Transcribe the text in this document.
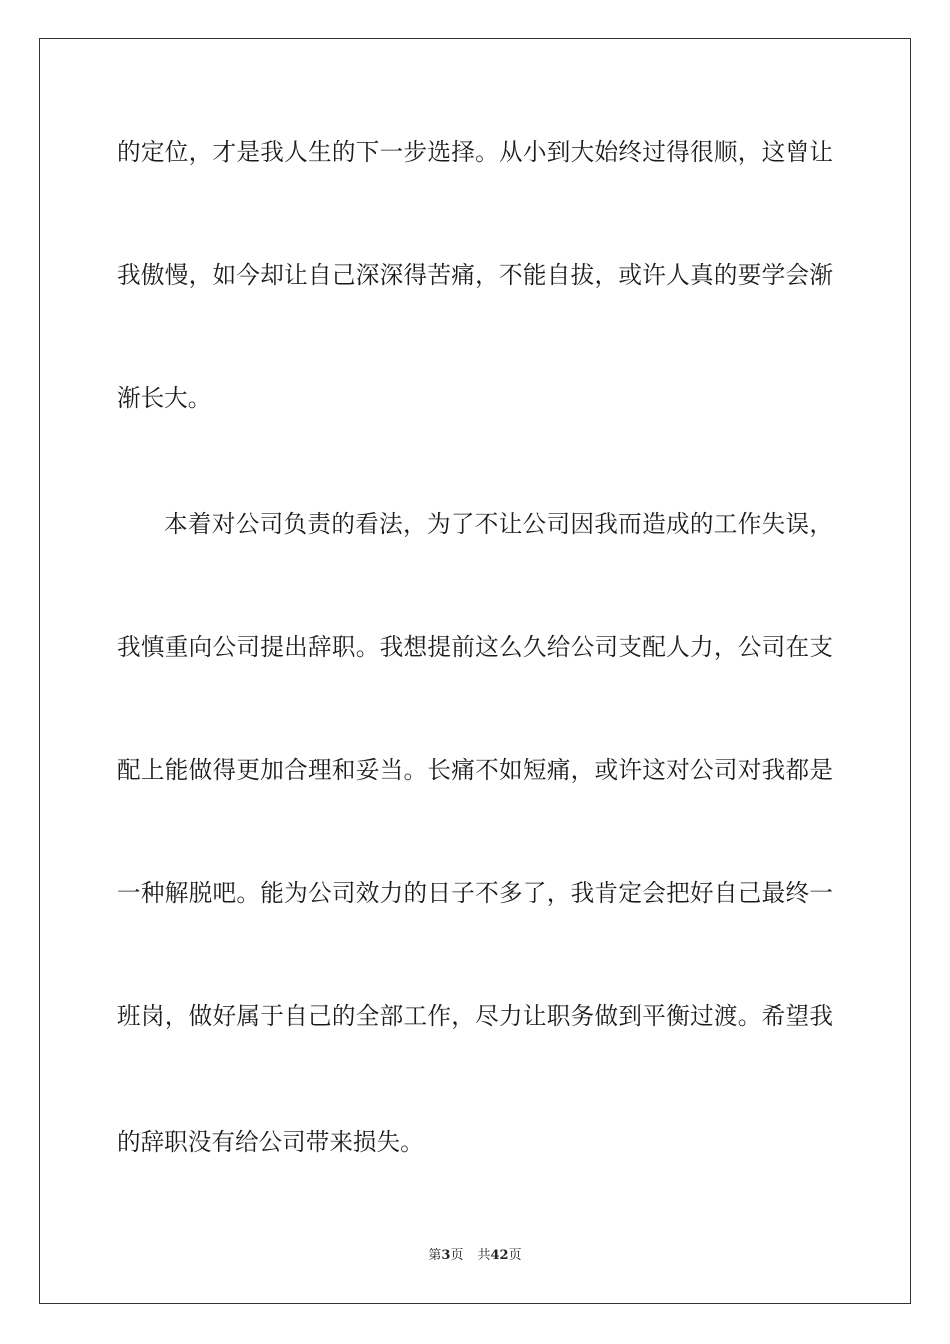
的定位，才是我人生的下一步选择。从小到大始终过得很顺，这曾让
我傲慢，如今却让自己深深得苦痛，不能自拔，或许人真的要学会渐
渐长大。
本着对公司负责的看法，为了不让公司因我而造成的工作失误，
我慎重向公司提出辞职。我想提前这么久给公司支配人力，公司在支
配上能做得更加合理和妥当。长痛不如短痛，或许这对公司对我都是
一种解脱吧。能为公司效力的日子不多了，我肯定会把好自己最终一
班岗，做好属于自己的全部工作，尽力让职务做到平衡过渡。希望我
的辞职没有给公司带来损失。
第3页 共42页
